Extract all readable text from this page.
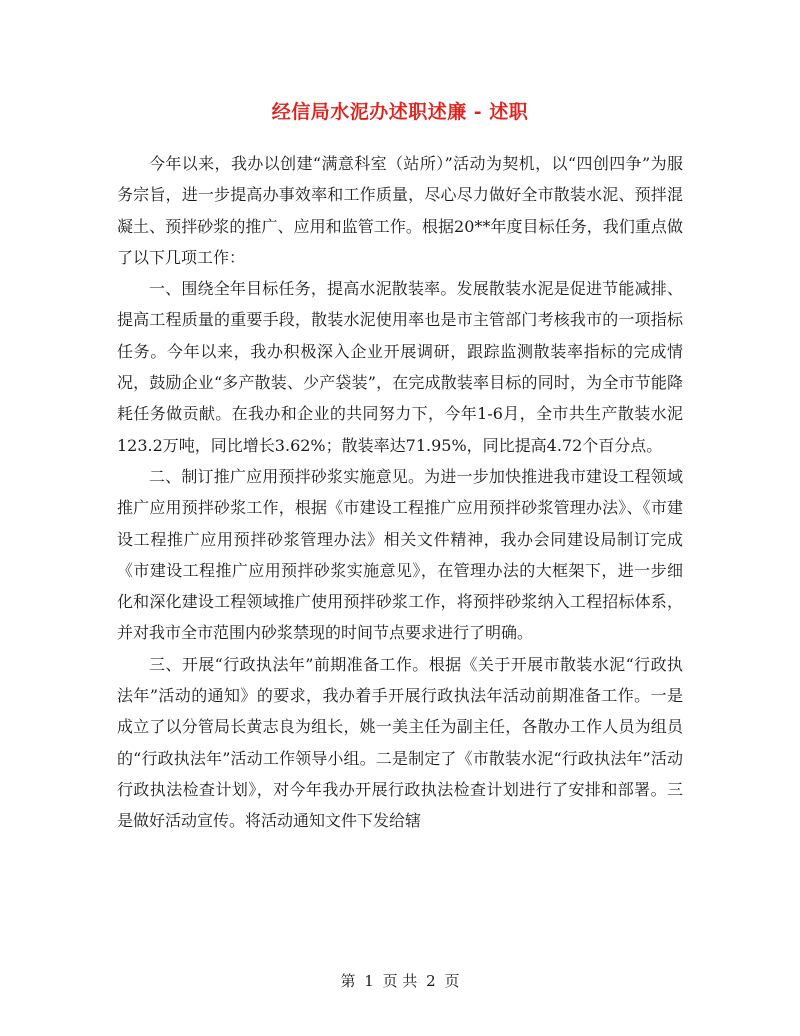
经信局水泥办述职述廉 - 述职

今年以来，我办以创建“满意科室（站所）”活动为契机，以“四创四争”为服务宗旨，进一步提高办事效率和工作质量，尽心尽力做好全市散装水泥、预拌混凝土、预拌砂浆的推广、应用和监管工作。根据20**年度目标任务，我们重点做了以下几项工作：

一、围绕全年目标任务，提高水泥散装率。发展散装水泥是促进节能减排、提高工程质量的重要手段，散装水泥使用率也是市主管部门考核我市的一项指标任务。今年以来，我办积极深入企业开展调研，跟踪监测散装率指标的完成情况，鼓励企业“多产散装、少产袋装”，在完成散装率目标的同时，为全市节能降耗任务做贡献。在我办和企业的共同努力下，今年1-6月，全市共生产散装水泥123.2万吨，同比增长3.62%；散装率达71.95%，同比提高4.72个百分点。

二、制订推广应用预拌砂浆实施意见。为进一步加快推进我市建设工程领域推广应用预拌砂浆工作，根据《市建设工程推广应用预拌砂浆管理办法》、《市建设工程推广应用预拌砂浆管理办法》相关文件精神，我办会同建设局制订完成《市建设工程推广应用预拌砂浆实施意见》，在管理办法的大框架下，进一步细化和深化建设工程领域推广使用预拌砂浆工作，将预拌砂浆纳入工程招标体系，并对我市全市范围内砂浆禁现的时间节点要求进行了明确。

三、开展“行政执法年”前期准备工作。根据《关于开展市散装水泥“行政执法年”活动的通知》的要求，我办着手开展行政执法年活动前期准备工作。一是成立了以分管局长黄志良为组长，姚一美主任为副主任，各散办工作人员为组员的“行政执法年”活动工作领导小组。二是制定了《市散装水泥“行政执法年”活动行政执法检查计划》，对今年我办开展行政执法检查计划进行了安排和部署。三是做好活动宣传。将活动通知文件下发给辖

第 1 页 共 2 页
